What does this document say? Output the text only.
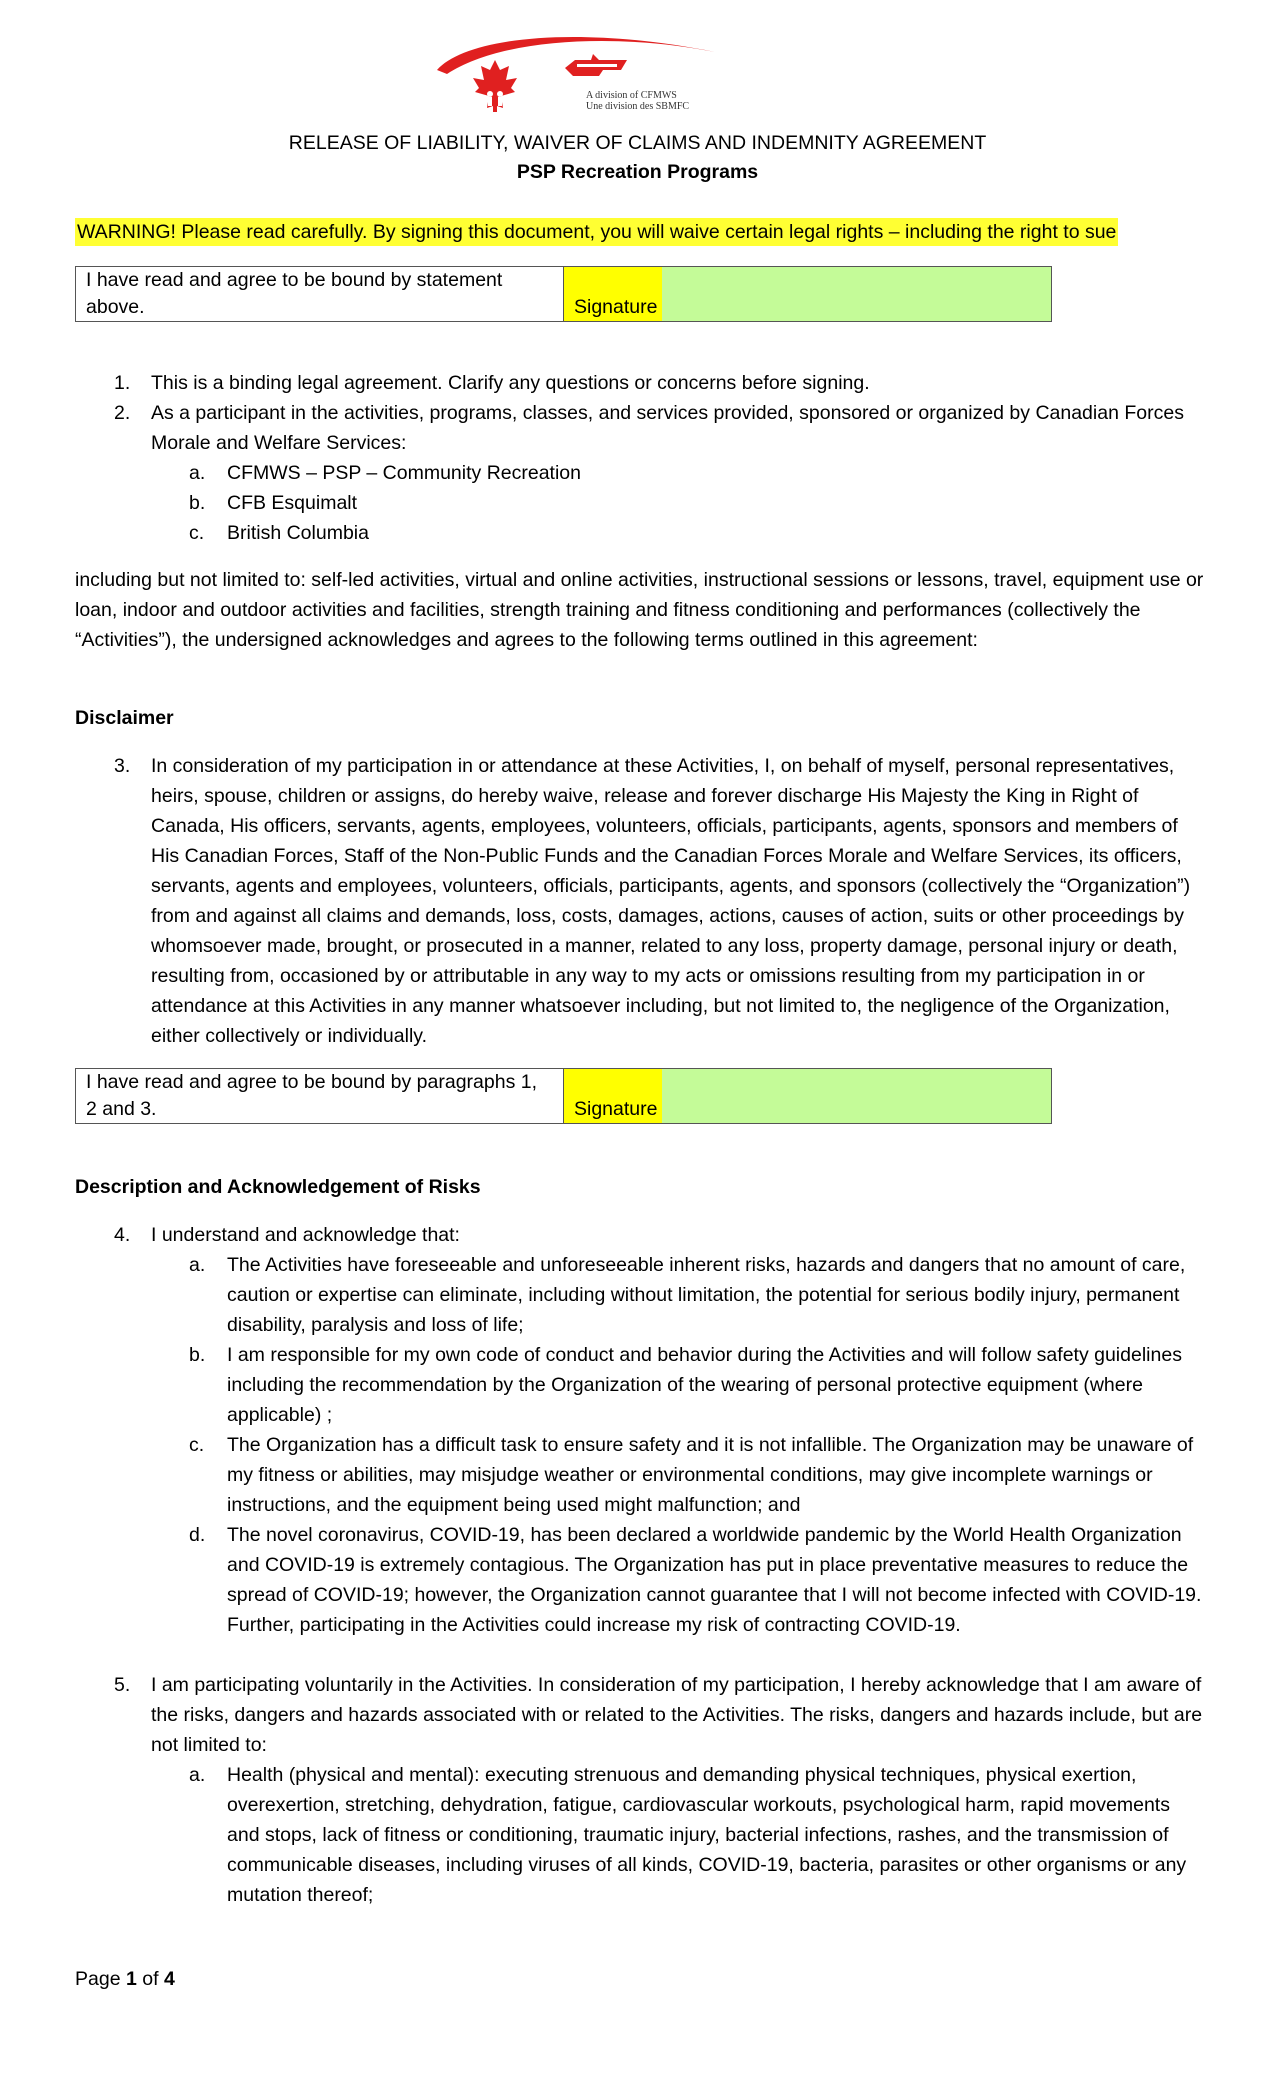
A division of CFMWS
Une division des SBMFC
RELEASE OF LIABILITY, WAIVER OF CLAIMS AND INDEMNITY AGREEMENT
PSP Recreation Programs
WARNING! Please read carefully. By signing this document, you will waive certain legal rights – including the right to sue
I have read and agree to be bound by statement above.	Signature
1. This is a binding legal agreement. Clarify any questions or concerns before signing.
2. As a participant in the activities, programs, classes, and services provided, sponsored or organized by Canadian Forces Morale and Welfare Services:
a. CFMWS – PSP – Community Recreation
b. CFB Esquimalt
c. British Columbia
including but not limited to: self-led activities, virtual and online activities, instructional sessions or lessons, travel, equipment use or loan, indoor and outdoor activities and facilities, strength training and fitness conditioning and performances (collectively the “Activities”), the undersigned acknowledges and agrees to the following terms outlined in this agreement:
Disclaimer
3. In consideration of my participation in or attendance at these Activities, I, on behalf of myself, personal representatives, heirs, spouse, children or assigns, do hereby waive, release and forever discharge His Majesty the King in Right of Canada, His officers, servants, agents, employees, volunteers, officials, participants, agents, sponsors and members of His Canadian Forces, Staff of the Non-Public Funds and the Canadian Forces Morale and Welfare Services, its officers, servants, agents and employees, volunteers, officials, participants, agents, and sponsors (collectively the “Organization”) from and against all claims and demands, loss, costs, damages, actions, causes of action, suits or other proceedings by whomsoever made, brought, or prosecuted in a manner, related to any loss, property damage, personal injury or death, resulting from, occasioned by or attributable in any way to my acts or omissions resulting from my participation in or attendance at this Activities in any manner whatsoever including, but not limited to, the negligence of the Organization, either collectively or individually.
I have read and agree to be bound by paragraphs 1, 2 and 3.	Signature
Description and Acknowledgement of Risks
4. I understand and acknowledge that:
a. The Activities have foreseeable and unforeseeable inherent risks, hazards and dangers that no amount of care, caution or expertise can eliminate, including without limitation, the potential for serious bodily injury, permanent disability, paralysis and loss of life;
b. I am responsible for my own code of conduct and behavior during the Activities and will follow safety guidelines including the recommendation by the Organization of the wearing of personal protective equipment (where applicable) ;
c. The Organization has a difficult task to ensure safety and it is not infallible. The Organization may be unaware of my fitness or abilities, may misjudge weather or environmental conditions, may give incomplete warnings or instructions, and the equipment being used might malfunction; and
d. The novel coronavirus, COVID-19, has been declared a worldwide pandemic by the World Health Organization and COVID-19 is extremely contagious. The Organization has put in place preventative measures to reduce the spread of COVID-19; however, the Organization cannot guarantee that I will not become infected with COVID-19. Further, participating in the Activities could increase my risk of contracting COVID-19.
5. I am participating voluntarily in the Activities. In consideration of my participation, I hereby acknowledge that I am aware of the risks, dangers and hazards associated with or related to the Activities. The risks, dangers and hazards include, but are not limited to:
a. Health (physical and mental): executing strenuous and demanding physical techniques, physical exertion, overexertion, stretching, dehydration, fatigue, cardiovascular workouts, psychological harm, rapid movements and stops, lack of fitness or conditioning, traumatic injury, bacterial infections, rashes, and the transmission of communicable diseases, including viruses of all kinds, COVID-19, bacteria, parasites or other organisms or any mutation thereof;
Page 1 of 4
